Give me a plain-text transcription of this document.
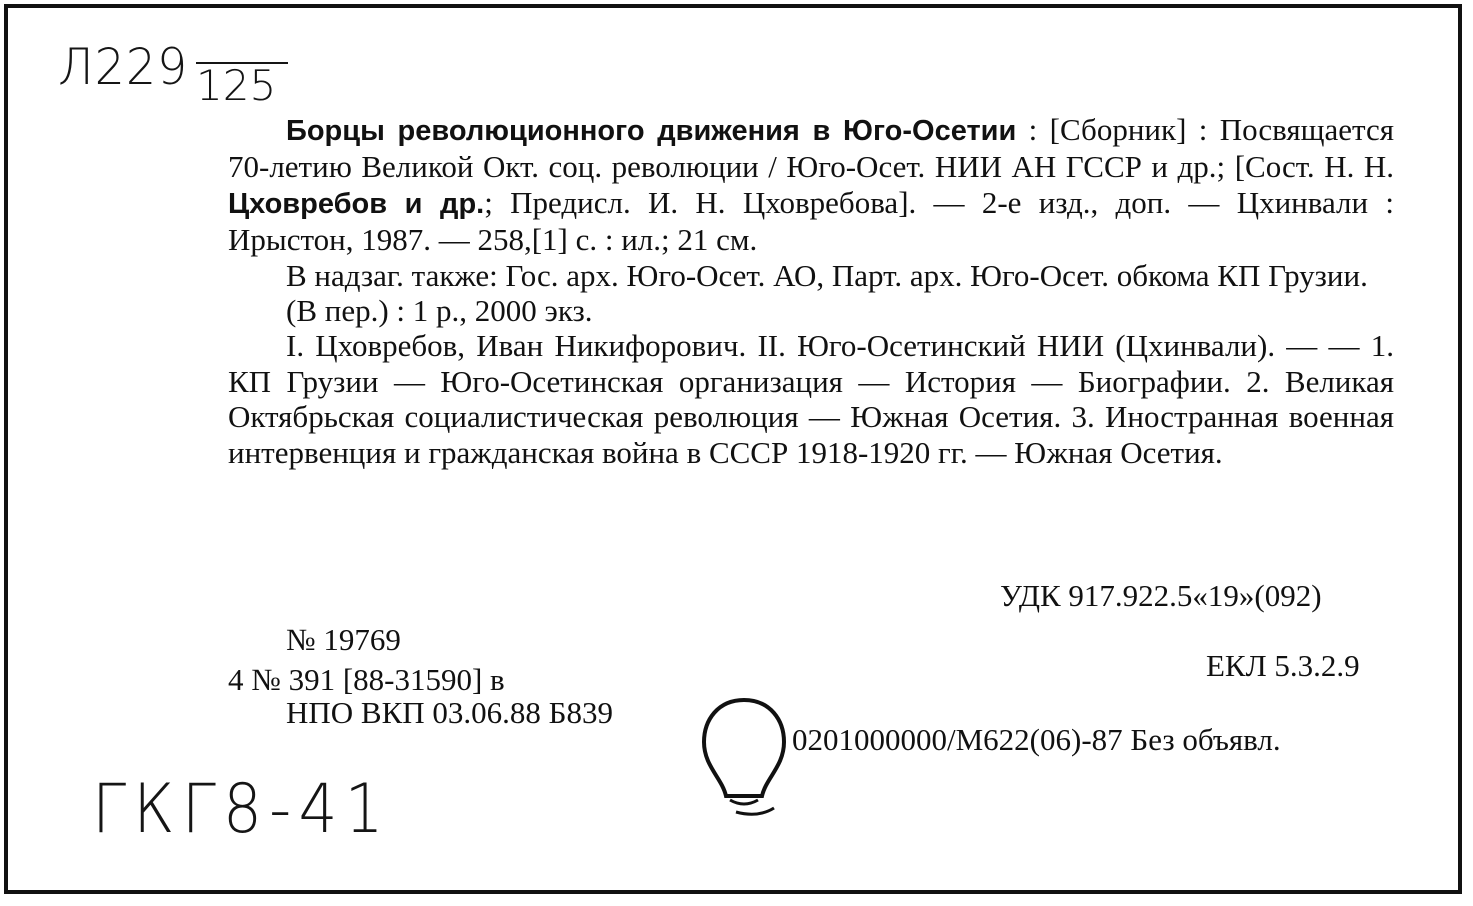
Л229 125

Борцы революционного движения в Юго-Осетии : [Сборник] : Посвящается 70-летию Великой Окт. соц. революции / Юго-Осет. НИИ АН ГССР и др.; [Сост. Н. Н. Цховребов и др.; Предисл. И. Н. Цховребова]. — 2-е изд., доп. — Цхинвали : Ирыстон, 1987. — 258,[1] с. : ил.; 21 см.

В надзаг. также: Гос. арх. Юго-Осет. АО, Парт. арх. Юго-Осет. обкома КП Грузии.

(В пер.) : 1 р., 2000 экз.

I. Цховребов, Иван Никифорович. II. Юго-Осетинский НИИ (Цхинвали). — — 1. КП Грузии — Юго-Осетинская организация — История — Биографии. 2. Великая Октябрьская социалистическая революция — Южная Осетия. 3. Иностранная военная интервенция и гражданская война в СССР 1918-1920 гг. — Южная Осетия.

УДК 917.922.5«19»(092)
№ 19769
ЕКЛ 5.3.2.9
4 № 391 [88-31590] в
НПО ВКП 03.06.88 Б839
0201000000/М622(06)-87 Без объявл.
ГКГ8-41
